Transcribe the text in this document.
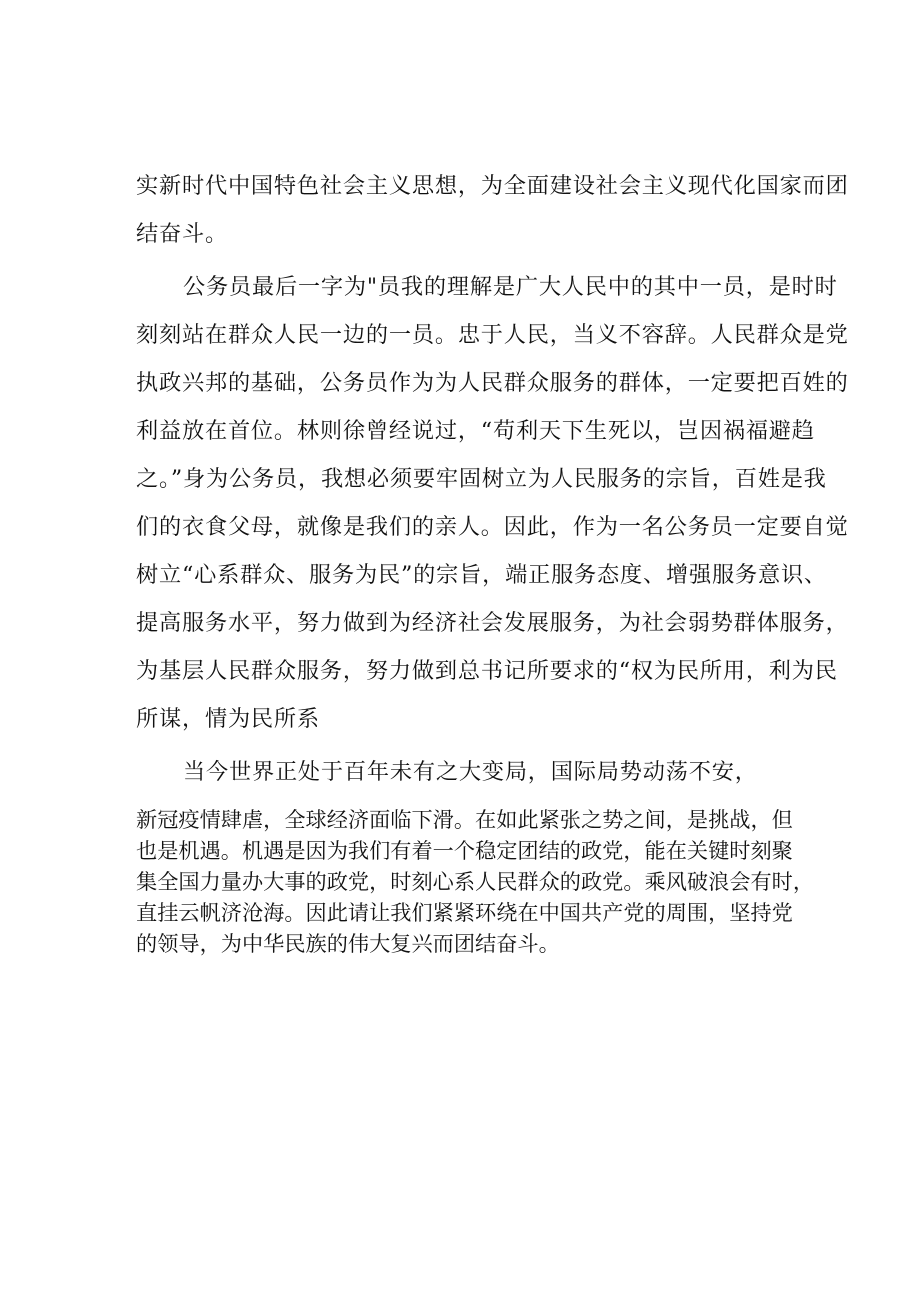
实新时代中国特色社会主义思想，为全面建设社会主义现代化国家而团
结奋斗。
公务员最后一字为"员我的理解是广大人民中的其中一员，是时时
刻刻站在群众人民一边的一员。忠于人民，当义不容辞。人民群众是党
执政兴邦的基础，公务员作为为人民群众服务的群体，一定要把百姓的
利益放在首位。林则徐曾经说过，“苟利天下生死以，岂因祸福避趋
之。”身为公务员，我想必须要牢固树立为人民服务的宗旨，百姓是我
们的衣食父母，就像是我们的亲人。因此，作为一名公务员一定要自觉
树立“心系群众、服务为民”的宗旨，端正服务态度、增强服务意识、
提高服务水平，努力做到为经济社会发展服务，为社会弱势群体服务，
为基层人民群众服务，努力做到总书记所要求的“权为民所用，利为民
所谋，情为民所系
当今世界正处于百年未有之大变局，国际局势动荡不安，
新冠疫情肆虐，全球经济面临下滑。在如此紧张之势之间，是挑战，但
也是机遇。机遇是因为我们有着一个稳定团结的政党，能在关键时刻聚
集全国力量办大事的政党，时刻心系人民群众的政党。乘风破浪会有时，
直挂云帆济沧海。因此请让我们紧紧环绕在中国共产党的周围，坚持党
的领导，为中华民族的伟大复兴而团结奋斗。
